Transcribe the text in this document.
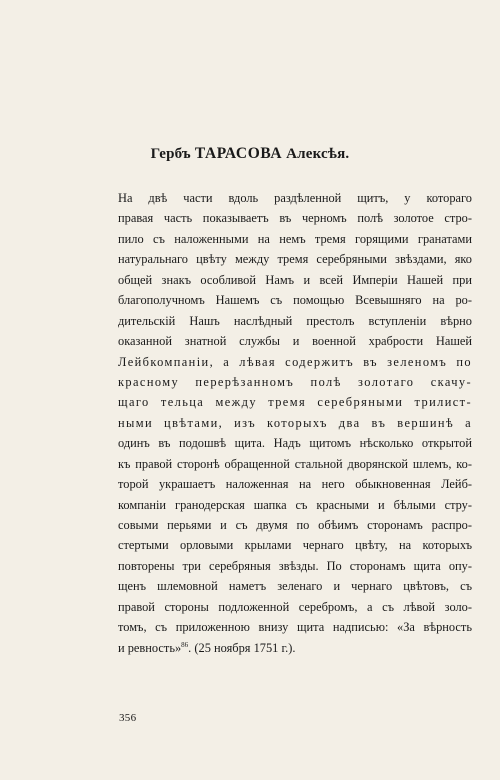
Гербъ ТАРАСОВА Алексѣя.
На двѣ части вдоль раздѣленной щитъ, у котораго
правая часть показываетъ въ черномъ полѣ золотое стро-
пило съ наложенными на немъ тремя горящими гранатами
натуральнаго цвѣту между тремя серебряными звѣздами, яко
общей знакъ особливой Намъ и всей Имперіи Нашей при
благополучномъ Нашемъ съ помощью Всевышняго на ро-
дительскій Нашъ наслѣдный престолъ вступленіи вѣрно
оказанной знатной службы и военной храбрости Нашей
Лейбкомпаніи, а лѣвая содержитъ въ зеленомъ по
красному перерѣзанномъ полѣ золотаго скачу-
щаго тельца между тремя серебряными трилист-
ными цвѣтами, изъ которыхъ два въ вершинѣ а
одинъ въ подошвѣ щита. Надъ щитомъ нѣсколько открытой
къ правой сторонѣ обращенной стальной дворянской шлемъ, ко-
торой украшаетъ наложенная на него обыкновенная Лейб-
компаніи гранодерская шапка съ красными и бѣлыми стру-
совыми перьями и съ двумя по обѣимъ сторонамъ распро-
стертыми орловыми крылами чернаго цвѣту, на которыхъ
повторены три серебряныя звѣзды. По сторонамъ щита опу-
щенъ шлемовной наметъ зеленаго и чернаго цвѣтовъ, съ
правой стороны подложенной серебромъ, а съ лѣвой золо-
томъ, съ приложенною внизу щита надписью: «За вѣрность
и ревность»$^{86}$. (25 ноября 1751 г.).
356
